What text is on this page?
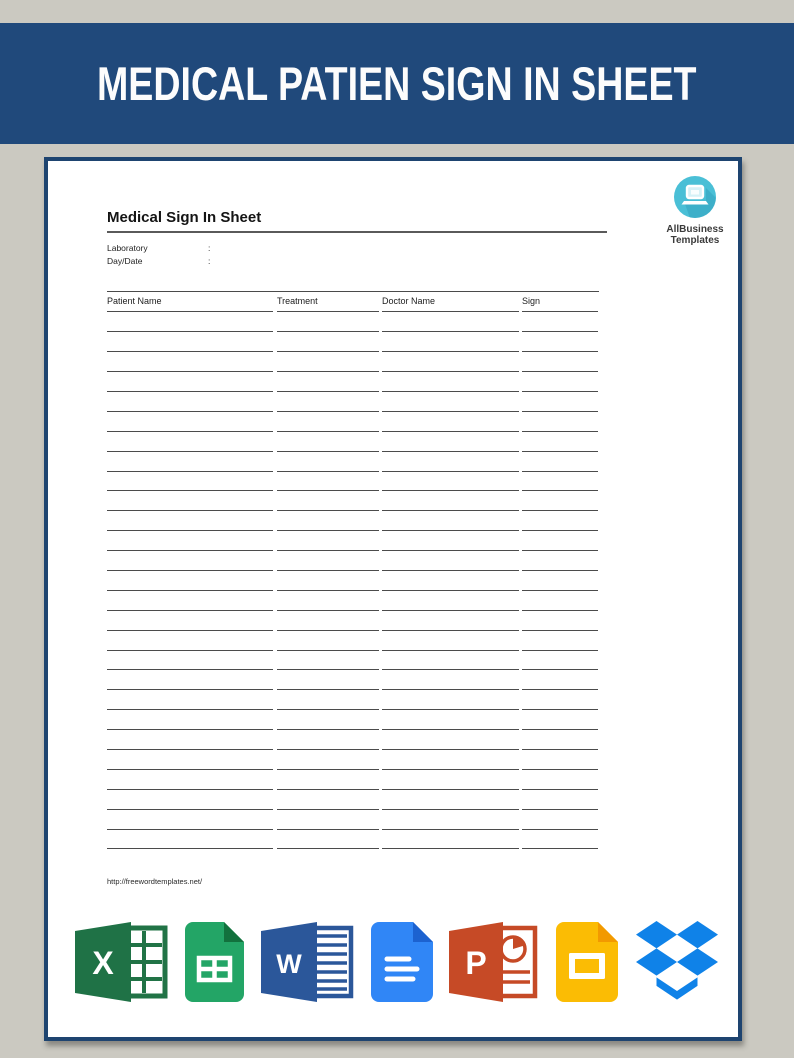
MEDICAL PATIEN SIGN IN SHEET
AllBusiness
Templates
Medical Sign In Sheet
Laboratory	:
Day/Date	:
Patient Name	Treatment	Doctor Name	Sign
http://freewordtemplates.net/
X	W	P
